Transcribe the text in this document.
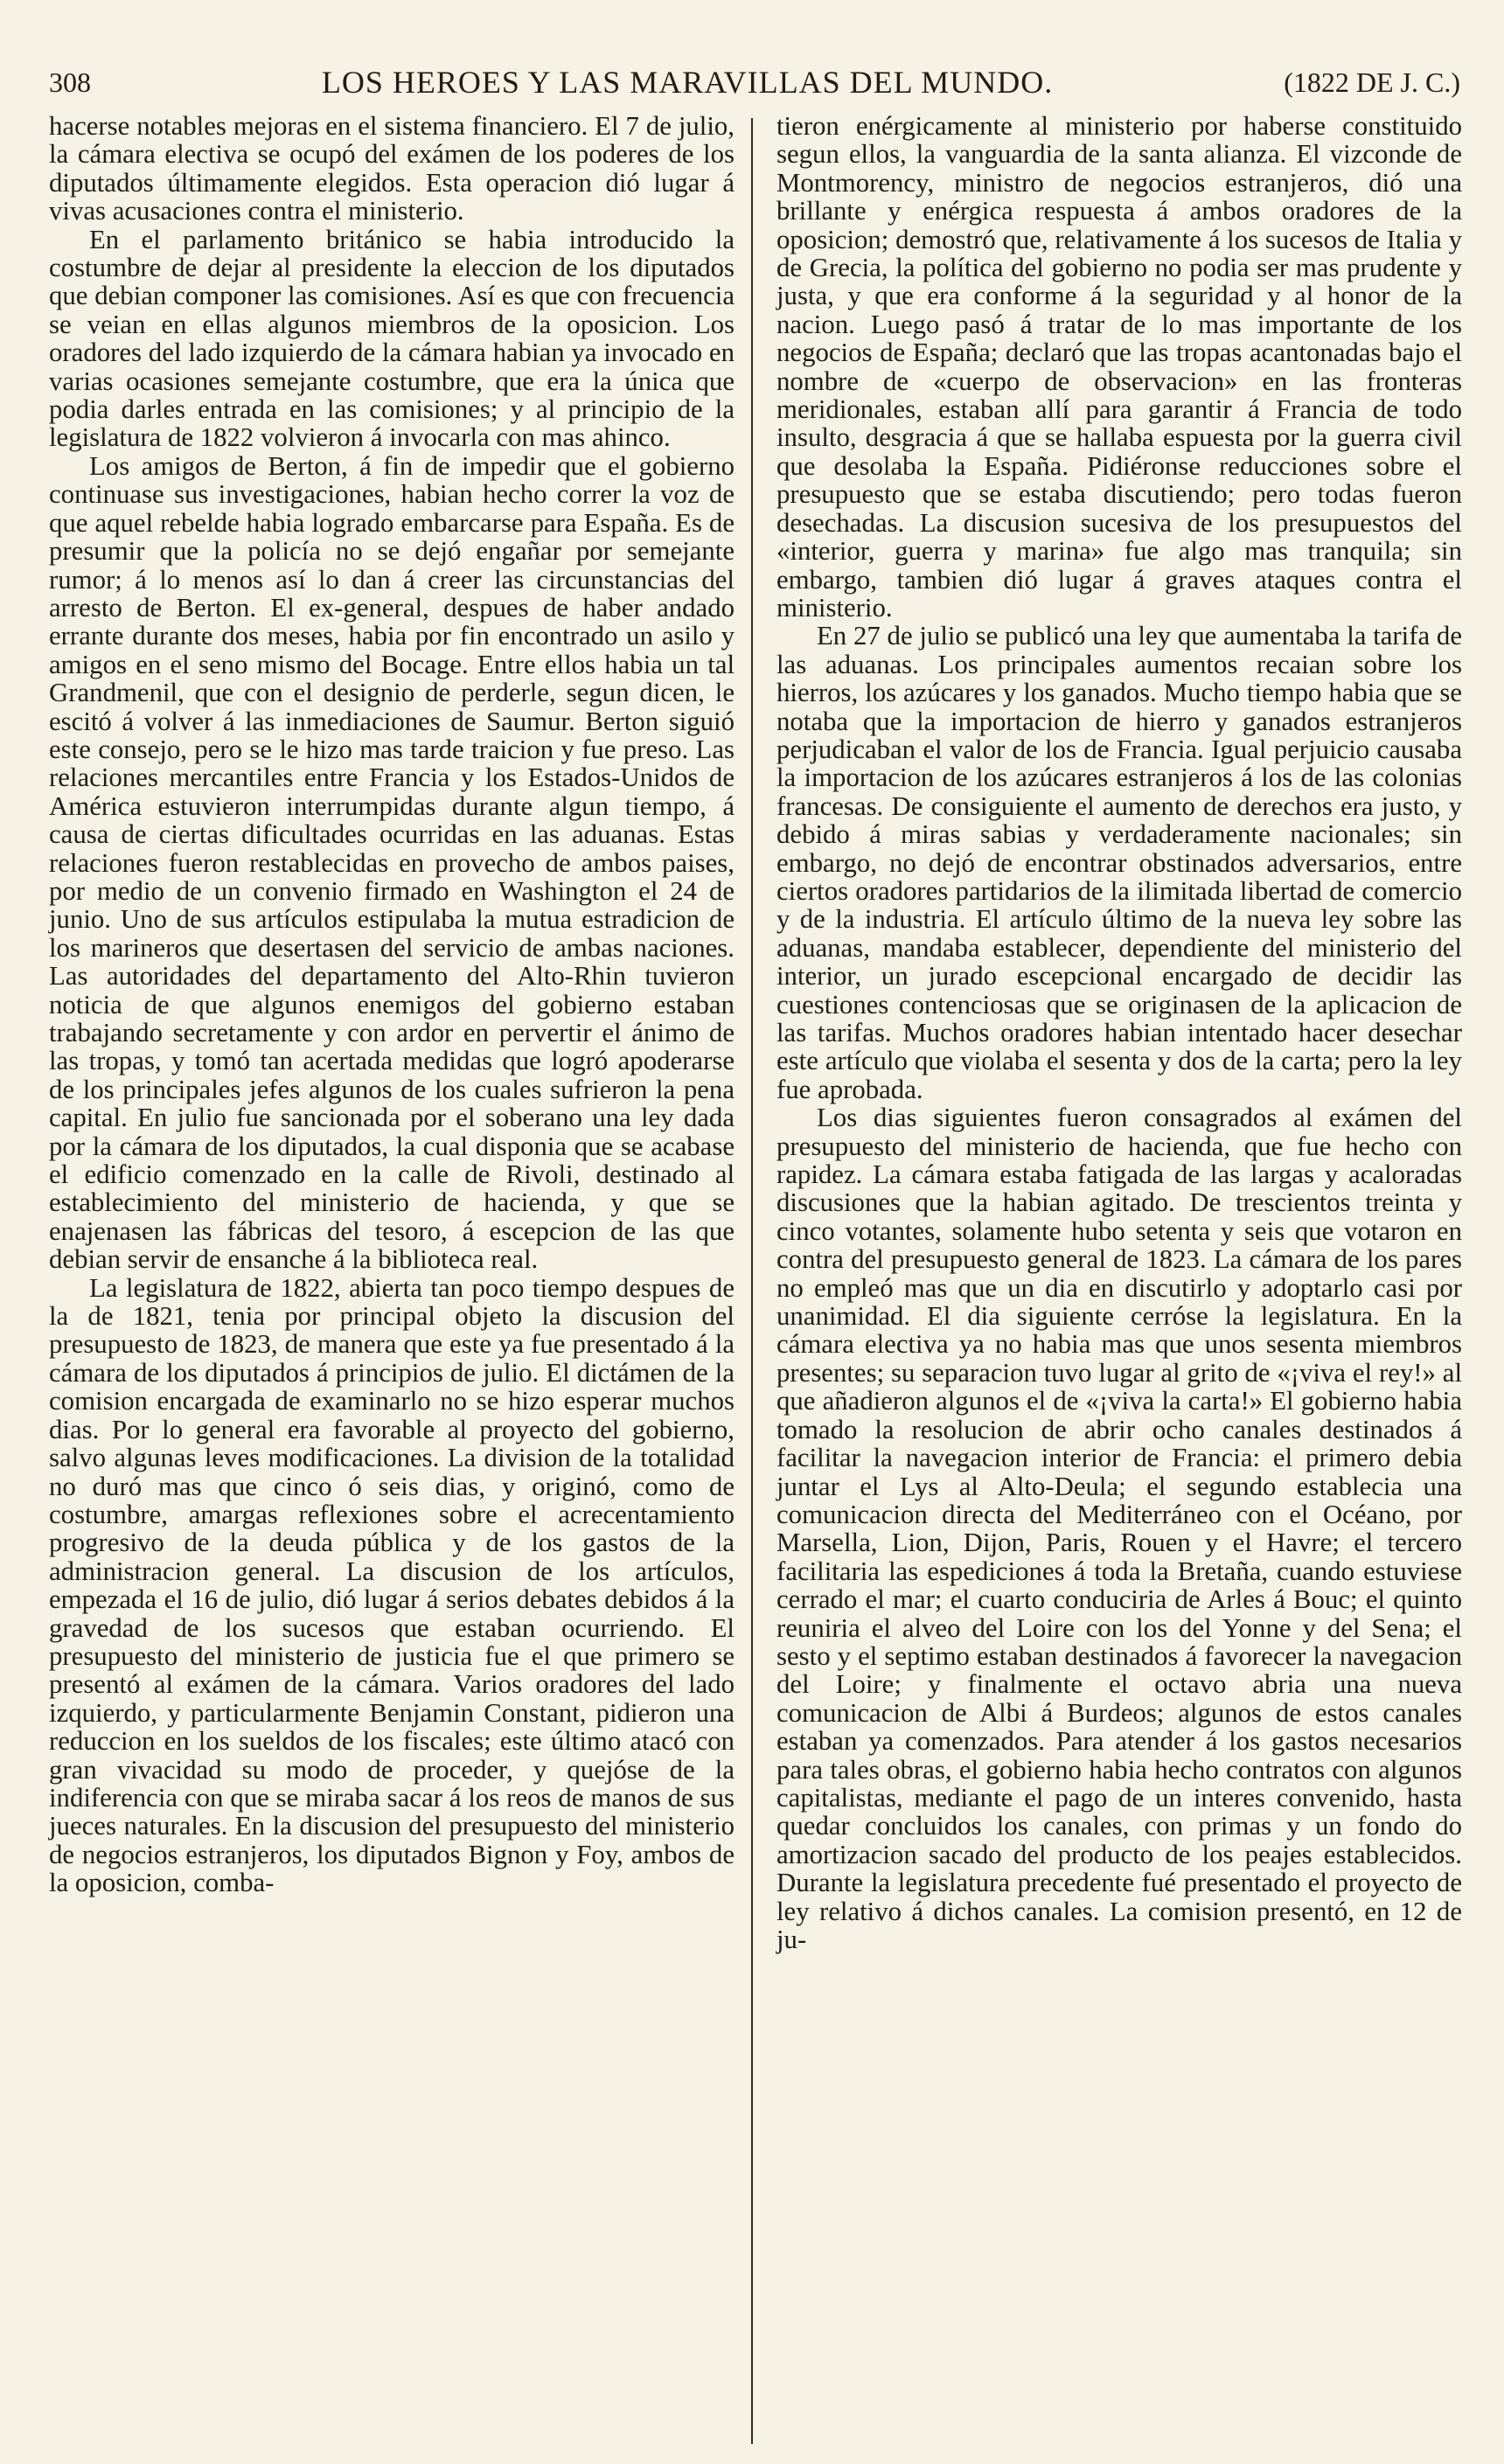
308	LOS HEROES Y LAS MARAVILLAS DEL MUNDO.	(1822 DE J. C.)

hacerse notables mejoras en el sistema financiero. El 7 de julio, la cámara electiva se ocupó del exámen de los poderes de los diputados últimamente elegidos. Esta operacion dió lugar á vivas acusaciones contra el ministerio.

En el parlamento británico se habia introducido la costumbre de dejar al presidente la eleccion de los diputados que debian componer las comisiones. Así es que con frecuencia se veian en ellas algunos miembros de la oposicion. Los oradores del lado izquierdo de la cámara habian ya invocado en varias ocasiones semejante costumbre, que era la única que podia darles entrada en las comisiones; y al principio de la legislatura de 1822 volvieron á invocarla con mas ahinco.

Los amigos de Berton, á fin de impedir que el gobierno continuase sus investigaciones, habian hecho correr la voz de que aquel rebelde habia logrado embarcarse para España. Es de presumir que la policía no se dejó engañar por semejante rumor; á lo menos así lo dan á creer las circunstancias del arresto de Berton. El ex-general, despues de haber andado errante durante dos meses, habia por fin encontrado un asilo y amigos en el seno mismo del Bocage. Entre ellos habia un tal Grandmenil, que con el designio de perderle, segun dicen, le escitó á volver á las inmediaciones de Saumur. Berton siguió este consejo, pero se le hizo mas tarde traicion y fue preso. Las relaciones mercantiles entre Francia y los Estados-Unidos de América estuvieron interrumpidas durante algun tiempo, á causa de ciertas dificultades ocurridas en las aduanas. Estas relaciones fueron restablecidas en provecho de ambos paises, por medio de un convenio firmado en Washington el 24 de junio. Uno de sus artículos estipulaba la mutua estradicion de los marineros que desertasen del servicio de ambas naciones. Las autoridades del departamento del Alto-Rhin tuvieron noticia de que algunos enemigos del gobierno estaban trabajando secretamente y con ardor en pervertir el ánimo de las tropas, y tomó tan acertada medidas que logró apoderarse de los principales jefes algunos de los cuales sufrieron la pena capital. En julio fue sancionada por el soberano una ley dada por la cámara de los diputados, la cual disponia que se acabase el edificio comenzado en la calle de Rivoli, destinado al establecimiento del ministerio de hacienda, y que se enajenasen las fábricas del tesoro, á escepcion de las que debian servir de ensanche á la biblioteca real.

La legislatura de 1822, abierta tan poco tiempo despues de la de 1821, tenia por principal objeto la discusion del presupuesto de 1823, de manera que este ya fue presentado á la cámara de los diputados á principios de julio. El dictámen de la comision encargada de examinarlo no se hizo esperar muchos dias. Por lo general era favorable al proyecto del gobierno, salvo algunas leves modificaciones. La division de la totalidad no duró mas que cinco ó seis dias, y originó, como de costumbre, amargas reflexiones sobre el acrecentamiento progresivo de la deuda pública y de los gastos de la administracion general. La discusion de los artículos, empezada el 16 de julio, dió lugar á serios debates debidos á la gravedad de los sucesos que estaban ocurriendo. El presupuesto del ministerio de justicia fue el que primero se presentó al exámen de la cámara. Varios oradores del lado izquierdo, y particularmente Benjamin Constant, pidieron una reduccion en los sueldos de los fiscales; este último atacó con gran vivacidad su modo de proceder, y quejóse de la indiferencia con que se miraba sacar á los reos de manos de sus jueces naturales. En la discusion del presupuesto del ministerio de negocios estranjeros, los diputados Bignon y Foy, ambos de la oposicion, comba-

tieron enérgicamente al ministerio por haberse constituido segun ellos, la vanguardia de la santa alianza. El vizconde de Montmorency, ministro de negocios estranjeros, dió una brillante y enérgica respuesta á ambos oradores de la oposicion; demostró que, relativamente á los sucesos de Italia y de Grecia, la política del gobierno no podia ser mas prudente y justa, y que era conforme á la seguridad y al honor de la nacion. Luego pasó á tratar de lo mas importante de los negocios de España; declaró que las tropas acantonadas bajo el nombre de «cuerpo de observacion» en las fronteras meridionales, estaban allí para garantir á Francia de todo insulto, desgracia á que se hallaba espuesta por la guerra civil que desolaba la España. Pidiéronse reducciones sobre el presupuesto que se estaba discutiendo; pero todas fueron desechadas. La discusion sucesiva de los presupuestos del «interior, guerra y marina» fue algo mas tranquila; sin embargo, tambien dió lugar á graves ataques contra el ministerio.

En 27 de julio se publicó una ley que aumentaba la tarifa de las aduanas. Los principales aumentos recaian sobre los hierros, los azúcares y los ganados. Mucho tiempo habia que se notaba que la importacion de hierro y ganados estranjeros perjudicaban el valor de los de Francia. Igual perjuicio causaba la importacion de los azúcares estranjeros á los de las colonias francesas. De consiguiente el aumento de derechos era justo, y debido á miras sabias y verdaderamente nacionales; sin embargo, no dejó de encontrar obstinados adversarios, entre ciertos oradores partidarios de la ilimitada libertad de comercio y de la industria. El artículo último de la nueva ley sobre las aduanas, mandaba establecer, dependiente del ministerio del interior, un jurado escepcional encargado de decidir las cuestiones contenciosas que se originasen de la aplicacion de las tarifas. Muchos oradores habian intentado hacer desechar este artículo que violaba el sesenta y dos de la carta; pero la ley fue aprobada.

Los dias siguientes fueron consagrados al exámen del presupuesto del ministerio de hacienda, que fue hecho con rapidez. La cámara estaba fatigada de las largas y acaloradas discusiones que la habian agitado. De trescientos treinta y cinco votantes, solamente hubo setenta y seis que votaron en contra del presupuesto general de 1823. La cámara de los pares no empleó mas que un dia en discutirlo y adoptarlo casi por unanimidad. El dia siguiente cerróse la legislatura. En la cámara electiva ya no habia mas que unos sesenta miembros presentes; su separacion tuvo lugar al grito de «¡viva el rey!» al que añadieron algunos el de «¡viva la carta!» El gobierno habia tomado la resolucion de abrir ocho canales destinados á facilitar la navegacion interior de Francia: el primero debia juntar el Lys al Alto-Deula; el segundo establecia una comunicacion directa del Mediterráneo con el Océano, por Marsella, Lion, Dijon, Paris, Rouen y el Havre; el tercero facilitaria las espediciones á toda la Bretaña, cuando estuviese cerrado el mar; el cuarto conduciria de Arles á Bouc; el quinto reuniria el alveo del Loire con los del Yonne y del Sena; el sesto y el septimo estaban destinados á favorecer la navegacion del Loire; y finalmente el octavo abria una nueva comunicacion de Albi á Burdeos; algunos de estos canales estaban ya comenzados. Para atender á los gastos necesarios para tales obras, el gobierno habia hecho contratos con algunos capitalistas, mediante el pago de un interes convenido, hasta quedar concluidos los canales, con primas y un fondo do amortizacion sacado del producto de los peajes establecidos. Durante la legislatura precedente fué presentado el proyecto de ley relativo á dichos canales. La comision presentó, en 12 de ju-
